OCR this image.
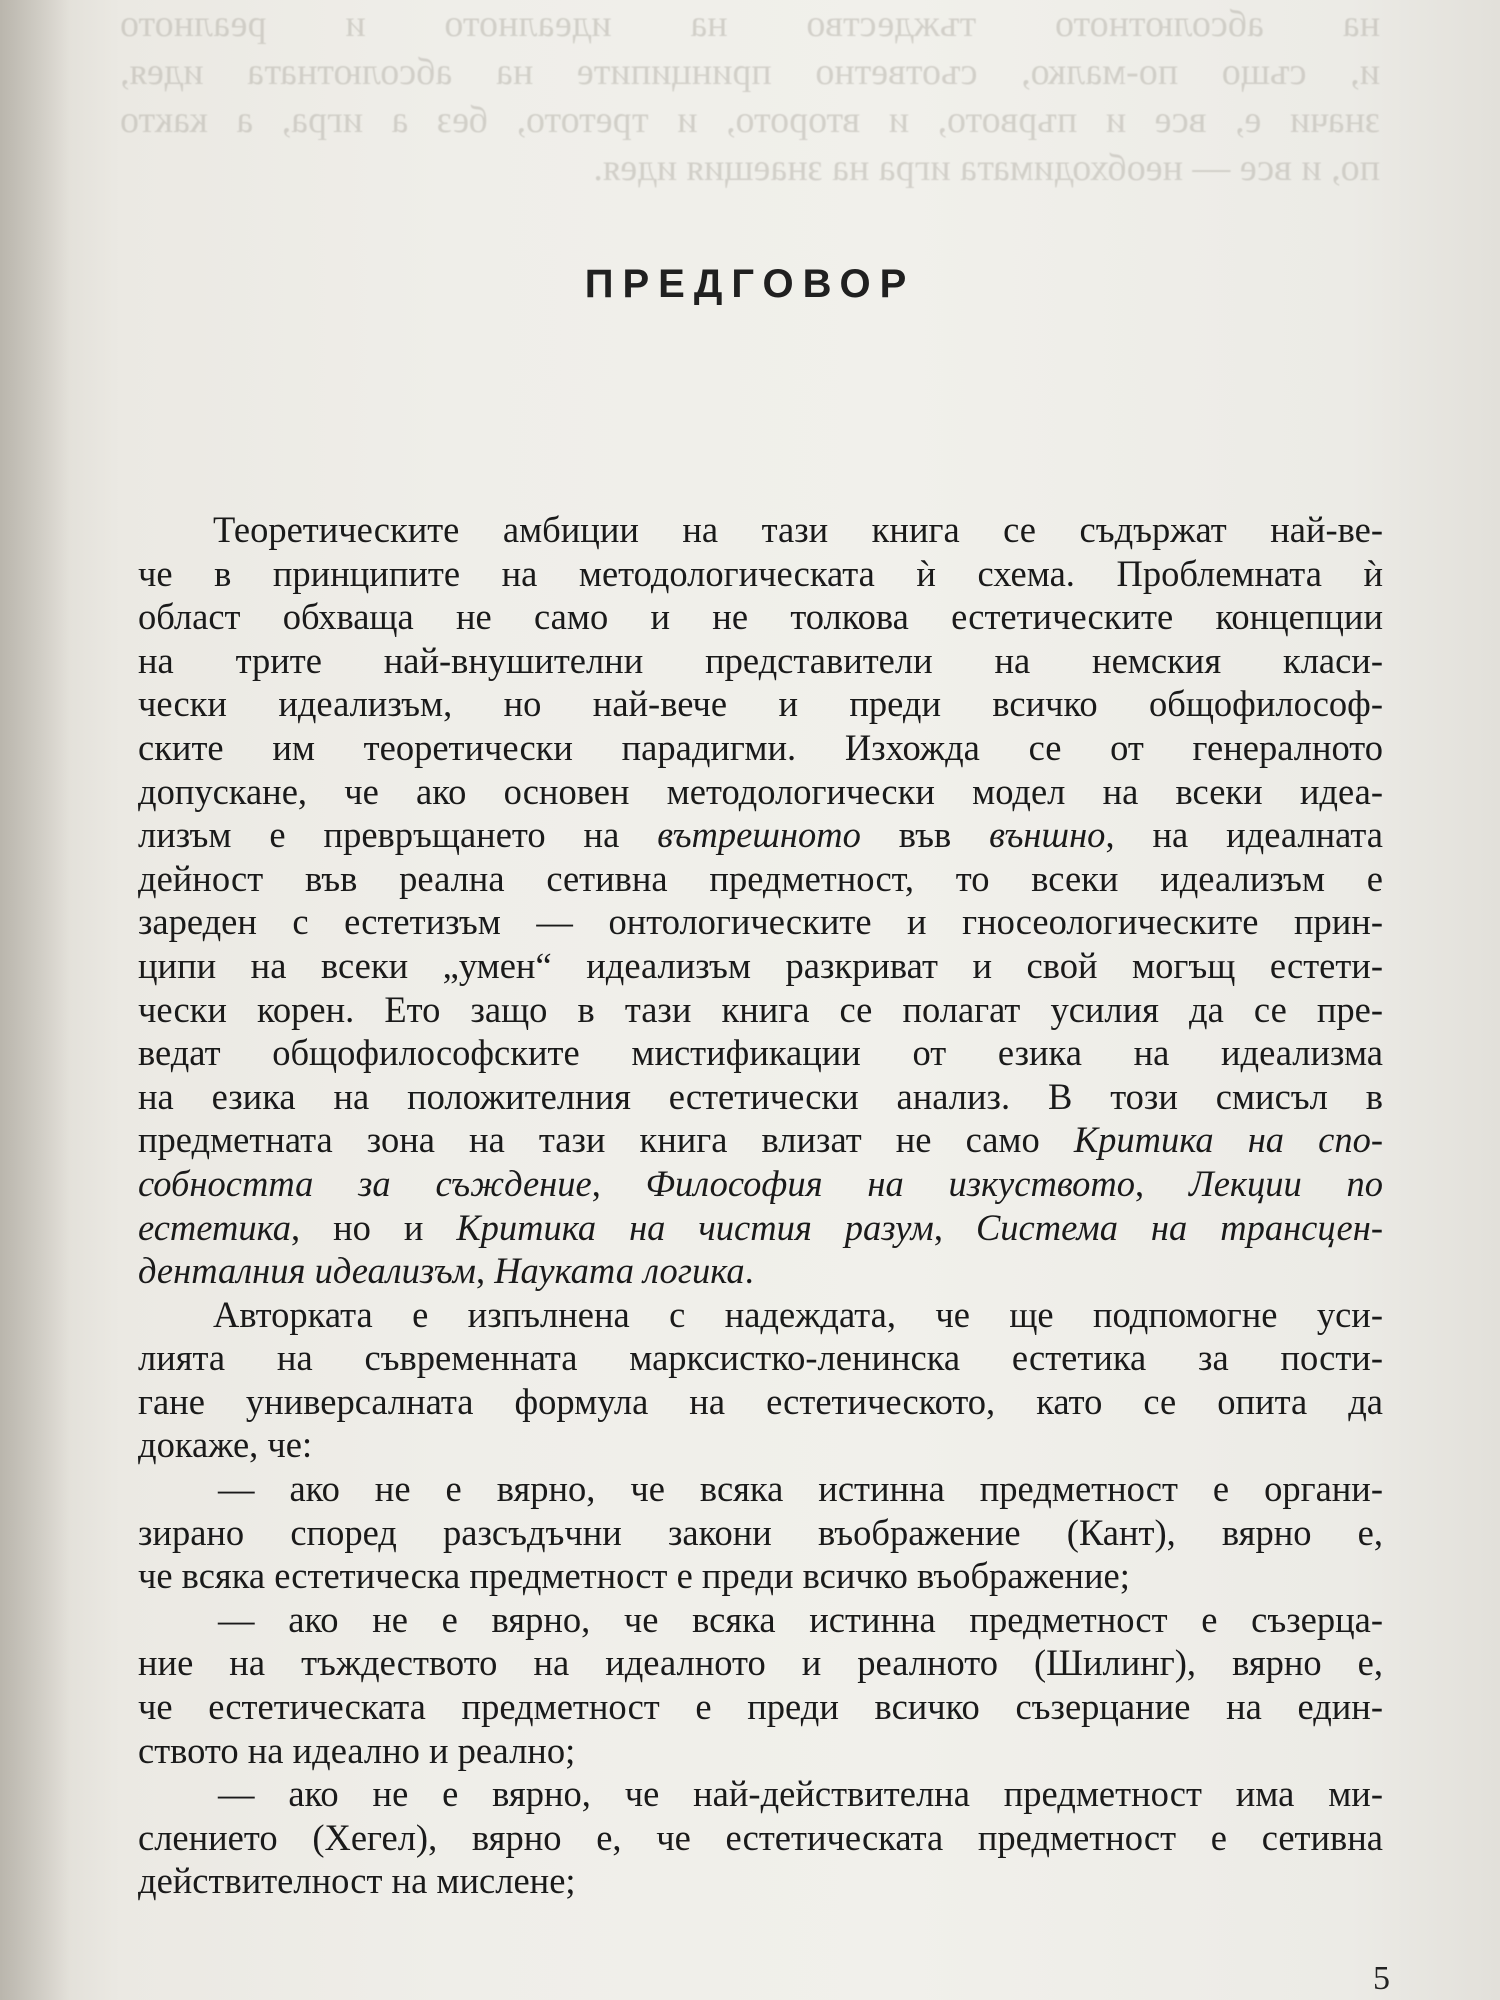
на абсолютното тъждество на идеалното и реалното

и, също по-малко, съответно принципите на абсолютната идея,

значи е, все и първото, и второто, и третото, без а игра, а както

по, и все — необходимата игра на знаещия идея.

ПРЕДГОВОР
Теоретическите амбиции на тази книга се съдържат най-ве-
че в принципите на методологическата ѝ схема. Проблемната ѝ
област обхваща не само и не толкова естетическите концепции
на трите най-внушителни представители на немския класи-
чески идеализъм, но най-вече и преди всичко общофилософ-
ските им теоретически парадигми. Изхожда се от генералното
допускане, че ако основен методологически модел на всеки идеа-
лизъм е превръщането на вътрешното във външно, на идеалната
дейност във реална сетивна предметност, то всеки идеализъм е
зареден с естетизъм — онтологическите и гносеологическите прин-
ципи на всеки „умен“ идеализъм разкриват и свой могъщ естети-
чески корен. Ето защо в тази книга се полагат усилия да се пре-
ведат общофилософските мистификации от езика на идеализма
на езика на положителния естетически анализ. В този смисъл в
предметната зона на тази книга влизат не само Критика на спо-
собността за съждение, Философия на изкуството, Лекции по
естетика, но и Критика на чистия разум, Система на трансцен-
денталния идеализъм, Науката логика.
Авторката е изпълнена с надеждата, че ще подпомогне уси-
лията на съвременната марксистко-ленинска естетика за пости-
гане универсалната формула на естетическото, като се опита да
докаже, че:
— ако не е вярно, че всяка истинна предметност е органи-
зирано според разсъдъчни закони въображение (Кант), вярно е,
че всяка естетическа предметност е преди всичко въображение;
— ако не е вярно, че всяка истинна предметност е съзерца-
ние на тъждеството на идеалното и реалното (Шилинг), вярно е,
че естетическата предметност е преди всичко съзерцание на един-
ството на идеално и реално;
— ако не е вярно, че най-действителна предметност има ми-
слението (Хегел), вярно е, че естетическата предметност е сетивна
действителност на мислене;
5
